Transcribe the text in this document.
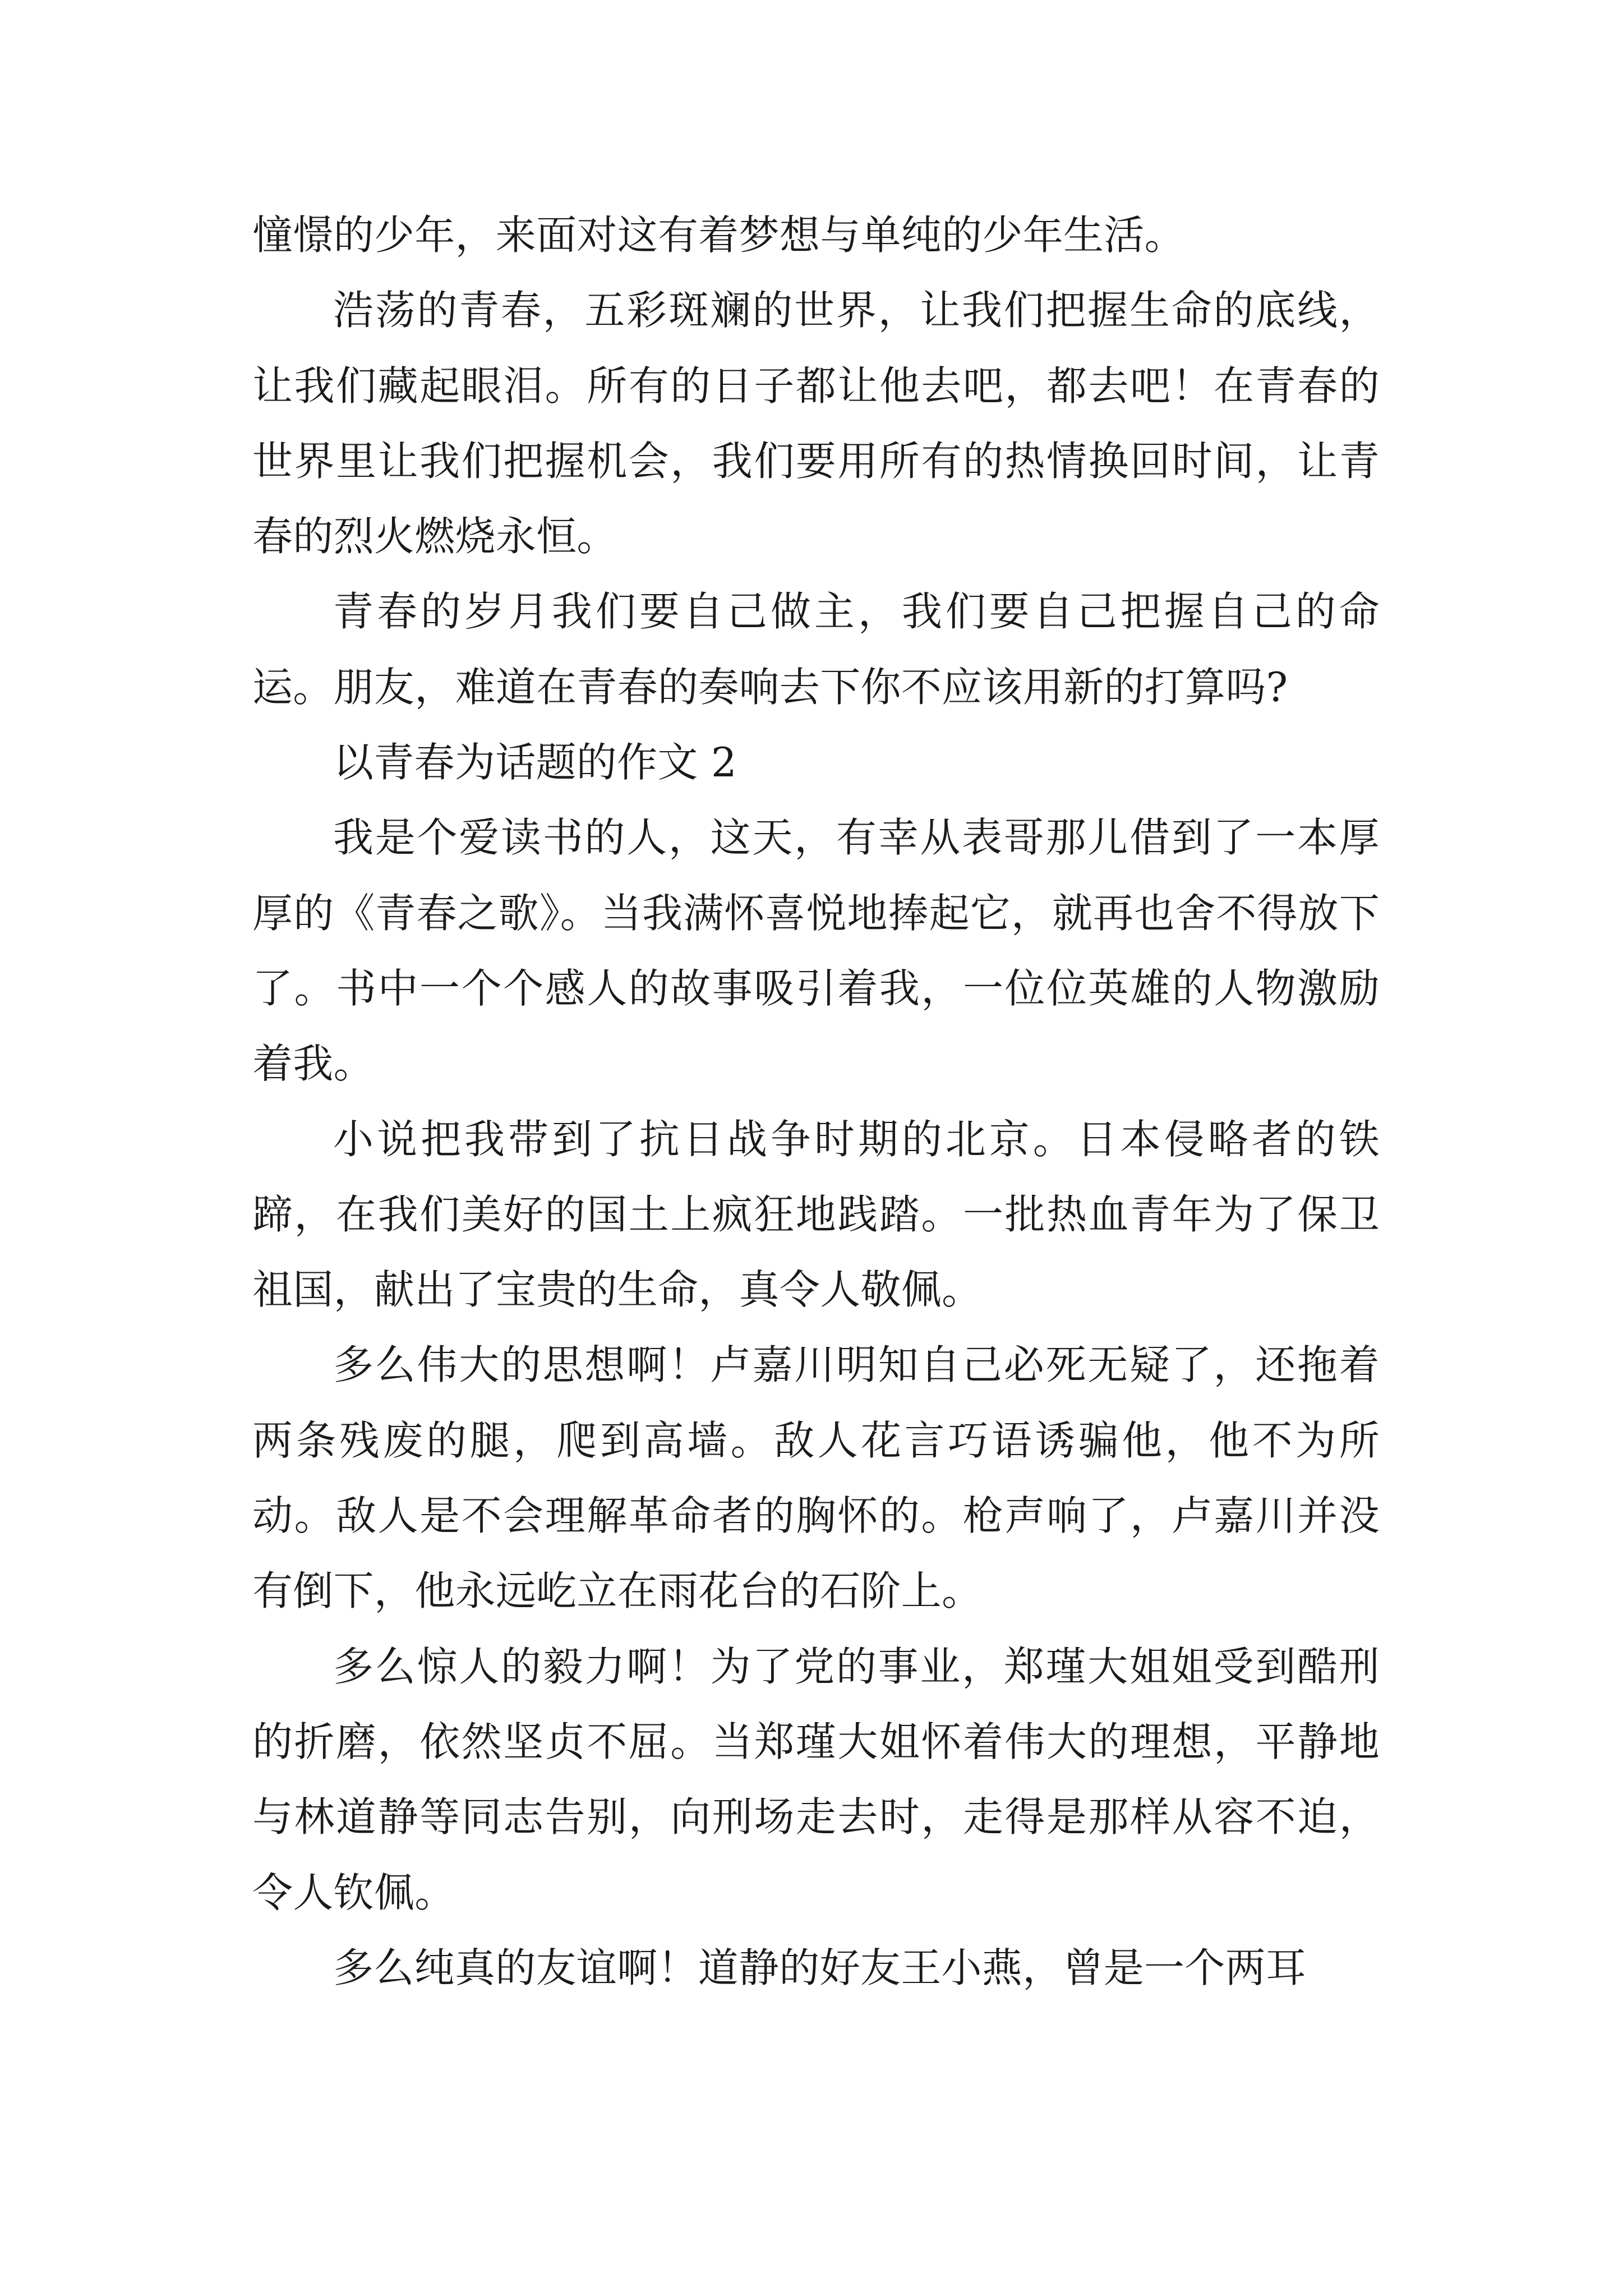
憧憬的少年，来面对这有着梦想与单纯的少年生活。

浩荡的青春，五彩斑斓的世界，让我们把握生命的底线，让我们藏起眼泪。所有的日子都让他去吧，都去吧！在青春的世界里让我们把握机会，我们要用所有的热情换回时间，让青春的烈火燃烧永恒。

青春的岁月我们要自己做主，我们要自己把握自己的命运。朋友，难道在青春的奏响去下你不应该用新的打算吗?

以青春为话题的作文 2

我是个爱读书的人，这天，有幸从表哥那儿借到了一本厚厚的《青春之歌》。当我满怀喜悦地捧起它，就再也舍不得放下了。书中一个个感人的故事吸引着我，一位位英雄的人物激励着我。

小说把我带到了抗日战争时期的北京。日本侵略者的铁蹄，在我们美好的国土上疯狂地践踏。一批热血青年为了保卫祖国，献出了宝贵的生命，真令人敬佩。

多么伟大的思想啊！卢嘉川明知自己必死无疑了，还拖着两条残废的腿，爬到高墙。敌人花言巧语诱骗他，他不为所动。敌人是不会理解革命者的胸怀的。枪声响了，卢嘉川并没有倒下，他永远屹立在雨花台的石阶上。

多么惊人的毅力啊！为了党的事业，郑瑾大姐姐受到酷刑的折磨，依然坚贞不屈。当郑瑾大姐怀着伟大的理想，平静地与林道静等同志告别，向刑场走去时，走得是那样从容不迫，令人钦佩。

多么纯真的友谊啊！道静的好友王小燕，曾是一个两耳
